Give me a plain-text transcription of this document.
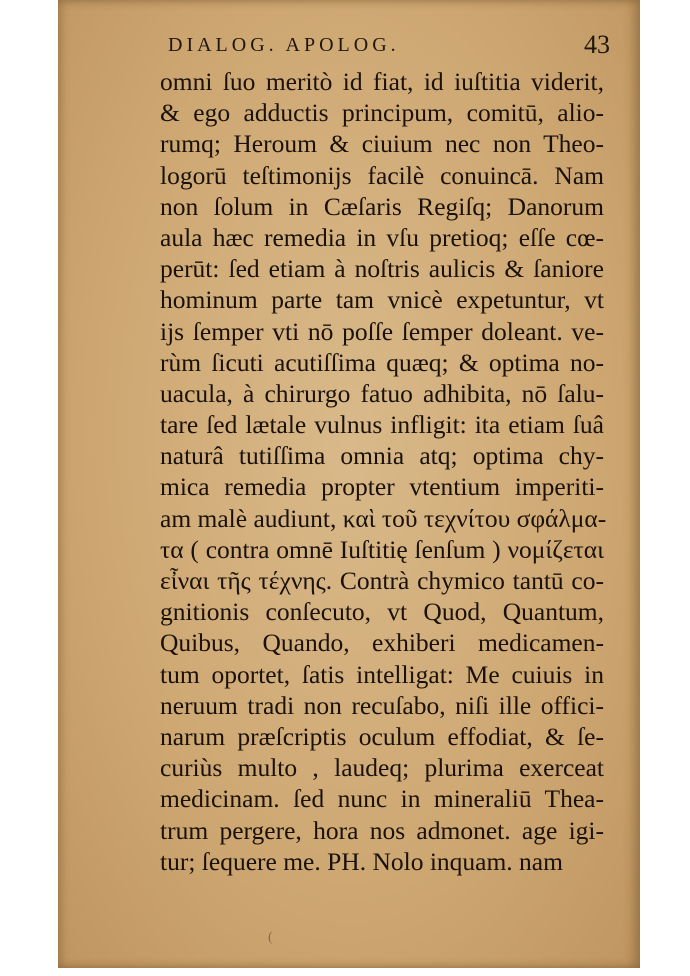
DIALOG. APOLOG.	43
omni ſuo meritò id fiat, id iuſtitia viderit,
& ego adductis principum, comitū, alio-
rumq; Heroum & ciuium nec non Theo-
logorū teſtimonijs facilè conuincā. Nam
non ſolum in Cæſaris Regiſq; Danorum
aula hæc remedia in vſu pretioq; eſſe cœ-
perūt: ſed etiam à noſtris aulicis & ſaniore
hominum parte tam vnicè expetuntur, vt
ijs ſemper vti nō poſſe ſemper doleant. ve-
rùm ſicuti acutiſſima quæq; & optima no-
uacula, à chirurgo fatuo adhibita, nō ſalu-
tare ſed lætale vulnus infligit: ita etiam ſuâ
naturâ tutiſſima omnia atq; optima chy-
mica remedia propter vtentium imperiti-
am malè audiunt, καὶ τοῦ τεχνίτου σφάλμα-
τα ( contra omnē Iuſtitię ſenſum ) νομίζεται
εἶναι τῆς τέχνης. Contrà chymico tantū co-
gnitionis conſecuto, vt Quod, Quantum,
Quibus, Quando, exhiberi medicamen-
tum oportet, ſatis intelligat: Me cuiuis in
neruum tradi non recuſabo, niſi ille offici-
narum præſcriptis oculum effodiat, & ſe-
curiùs multo , laudeq; plurima exerceat
medicinam. ſed nunc in mineraliū Thea-
trum pergere, hora nos admonet. age igi-
tur; ſequere me. PH. Nolo inquam. nam
(
